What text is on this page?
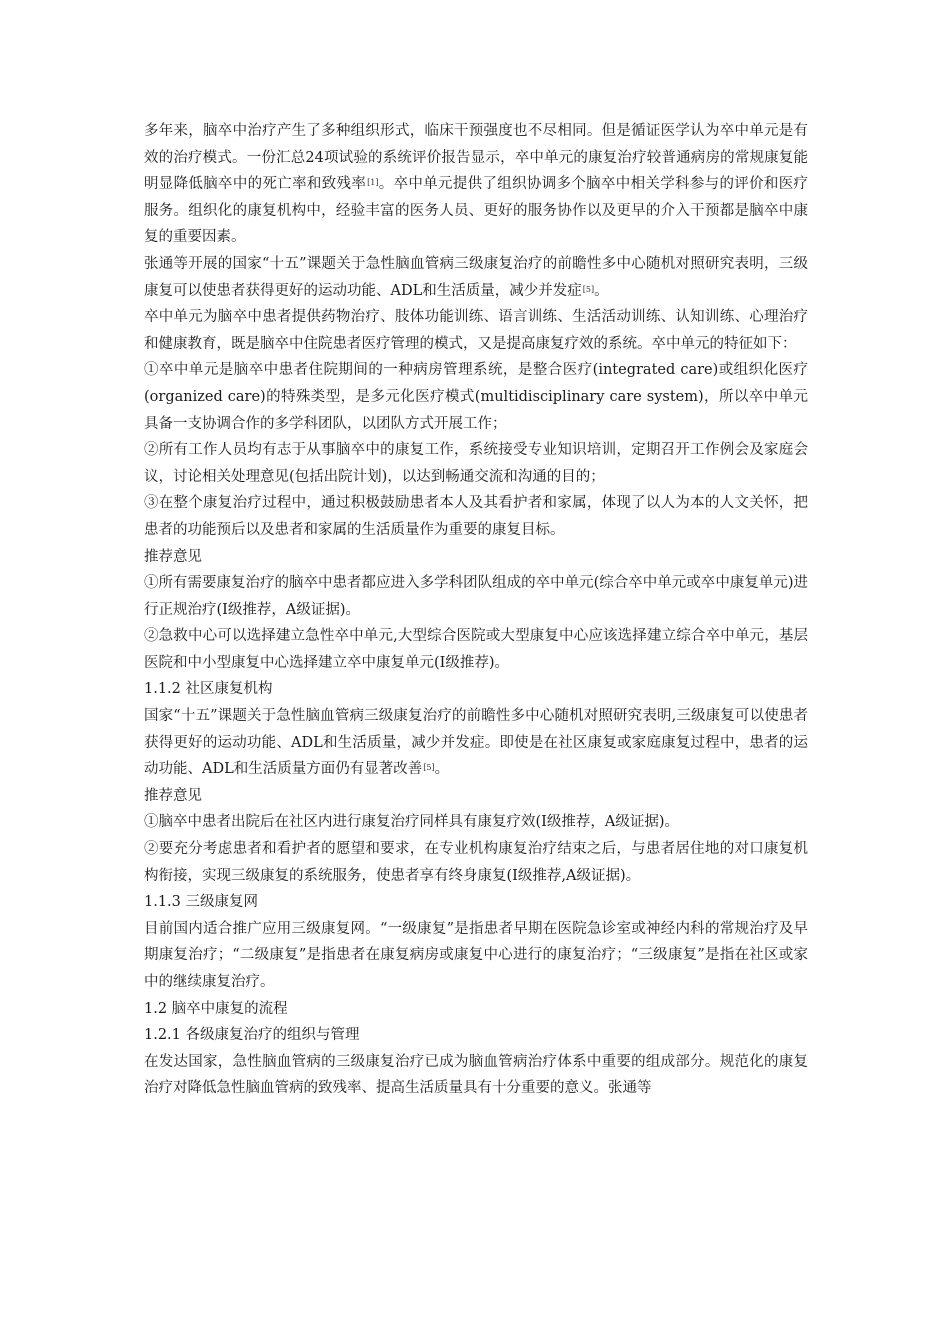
多年来，脑卒中治疗产生了多种组织形式，临床干预强度也不尽相同。但是循证医学认为卒中单元是有效的治疗模式。一份汇总24项试验的系统评价报告显示，卒中单元的康复治疗较普通病房的常规康复能明显降低脑卒中的死亡率和致残率[1]。卒中单元提供了组织协调多个脑卒中相关学科参与的评价和医疗服务。组织化的康复机构中，经验丰富的医务人员、更好的服务协作以及更早的介入干预都是脑卒中康复的重要因素。

张通等开展的国家“十五”课题关于急性脑血管病三级康复治疗的前瞻性多中心随机对照研究表明，三级康复可以使患者获得更好的运动功能、ADL和生活质量，减少并发症[5]。

卒中单元为脑卒中患者提供药物治疗、肢体功能训练、语言训练、生活活动训练、认知训练、心理治疗和健康教育，既是脑卒中住院患者医疗管理的模式，又是提高康复疗效的系统。卒中单元的特征如下：

①卒中单元是脑卒中患者住院期间的一种病房管理系统，是整合医疗(integrated care)或组织化医疗(organized care)的特殊类型，是多元化医疗模式(multidisciplinary care system)，所以卒中单元具备一支协调合作的多学科团队，以团队方式开展工作；

②所有工作人员均有志于从事脑卒中的康复工作，系统接受专业知识培训，定期召开工作例会及家庭会议，讨论相关处理意见(包括出院计划)，以达到畅通交流和沟通的目的；

③在整个康复治疗过程中，通过积极鼓励患者本人及其看护者和家属，体现了以人为本的人文关怀，把患者的功能预后以及患者和家属的生活质量作为重要的康复目标。

推荐意见

①所有需要康复治疗的脑卒中患者都应进入多学科团队组成的卒中单元(综合卒中单元或卒中康复单元)进行正规治疗(Ⅰ级推荐，A级证据)。

②急救中心可以选择建立急性卒中单元,大型综合医院或大型康复中心应该选择建立综合卒中单元，基层医院和中小型康复中心选择建立卒中康复单元(Ⅰ级推荐)。

1.1.2 社区康复机构

国家“十五”课题关于急性脑血管病三级康复治疗的前瞻性多中心随机对照研究表明,三级康复可以使患者获得更好的运动功能、ADL和生活质量，减少并发症。即使是在社区康复或家庭康复过程中，患者的运动功能、ADL和生活质量方面仍有显著改善[5]。

推荐意见

①脑卒中患者出院后在社区内进行康复治疗同样具有康复疗效(Ⅰ级推荐，A级证据)。

②要充分考虑患者和看护者的愿望和要求，在专业机构康复治疗结束之后，与患者居住地的对口康复机构衔接，实现三级康复的系统服务，使患者享有终身康复(Ⅰ级推荐,A级证据)。

1.1.3 三级康复网

目前国内适合推广应用三级康复网。“一级康复”是指患者早期在医院急诊室或神经内科的常规治疗及早期康复治疗；“二级康复”是指患者在康复病房或康复中心进行的康复治疗；“三级康复”是指在社区或家中的继续康复治疗。

1.2 脑卒中康复的流程
1.2.1 各级康复治疗的组织与管理

在发达国家，急性脑血管病的三级康复治疗已成为脑血管病治疗体系中重要的组成部分。规范化的康复治疗对降低急性脑血管病的致残率、提高生活质量具有十分重要的意义。张通等
